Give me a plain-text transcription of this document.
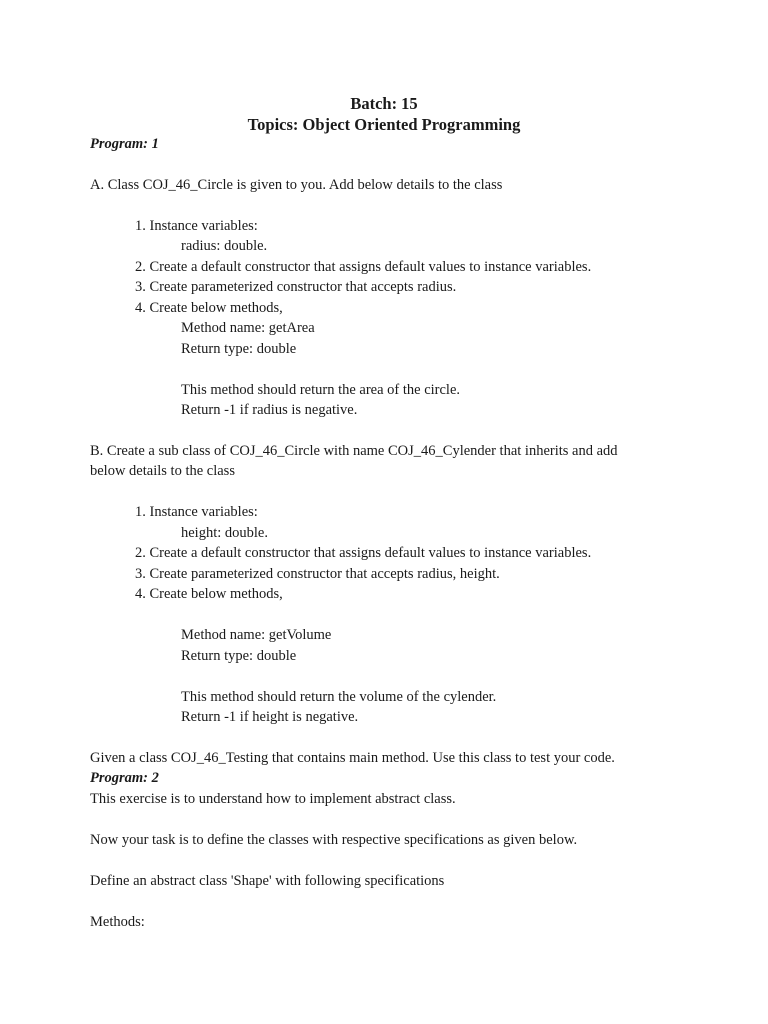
Batch: 15

Topics: Object Oriented Programming

Program: 1

A. Class COJ_46_Circle is given to you. Add below details to the class

1. Instance variables:

radius: double.

2. Create a default constructor that assigns default values to instance variables.

3. Create parameterized constructor that accepts radius.

4. Create below methods,

Method name: getArea

Return type: double

This method should return the area of the circle.

Return -1 if radius is negative.

B. Create a sub class of COJ_46_Circle with name COJ_46_Cylender that inherits and add

below details to the class

1. Instance variables:

height: double.

2. Create a default constructor that assigns default values to instance variables.

3. Create parameterized constructor that accepts radius, height.

4. Create below methods,

Method name: getVolume

Return type: double

This method should return the volume of the cylender.

Return -1 if height is negative.

Given a class COJ_46_Testing that contains main method. Use this class to test your code.

Program: 2

This exercise is to understand how to implement abstract class.

Now your task is to define the classes with respective specifications as given below.

Define an abstract class 'Shape' with following specifications

Methods:
